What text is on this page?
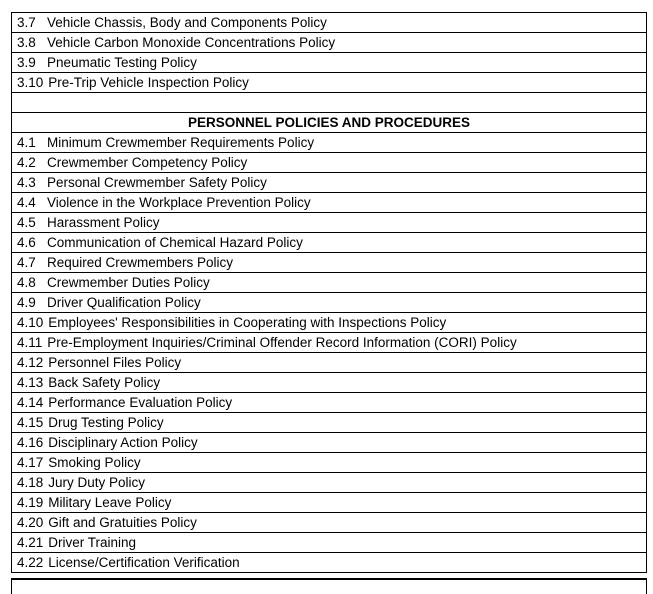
3.7 Vehicle Chassis, Body and Components Policy
3.8 Vehicle Carbon Monoxide Concentrations Policy
3.9 Pneumatic Testing Policy
3.10 Pre-Trip Vehicle Inspection Policy

PERSONNEL POLICIES AND PROCEDURES
4.1 Minimum Crewmember Requirements Policy
4.2 Crewmember Competency Policy
4.3 Personal Crewmember Safety Policy
4.4 Violence in the Workplace Prevention Policy
4.5 Harassment Policy
4.6 Communication of Chemical Hazard Policy
4.7 Required Crewmembers Policy
4.8 Crewmember Duties Policy
4.9 Driver Qualification Policy
4.10 Employees' Responsibilities in Cooperating with Inspections Policy
4.11 Pre-Employment Inquiries/Criminal Offender Record Information (CORI) Policy
4.12 Personnel Files Policy
4.13 Back Safety Policy
4.14 Performance Evaluation Policy
4.15 Drug Testing Policy
4.16 Disciplinary Action Policy
4.17 Smoking Policy
4.18 Jury Duty Policy
4.19 Military Leave Policy
4.20 Gift and Gratuities Policy
4.21 Driver Training
4.22 License/Certification Verification
